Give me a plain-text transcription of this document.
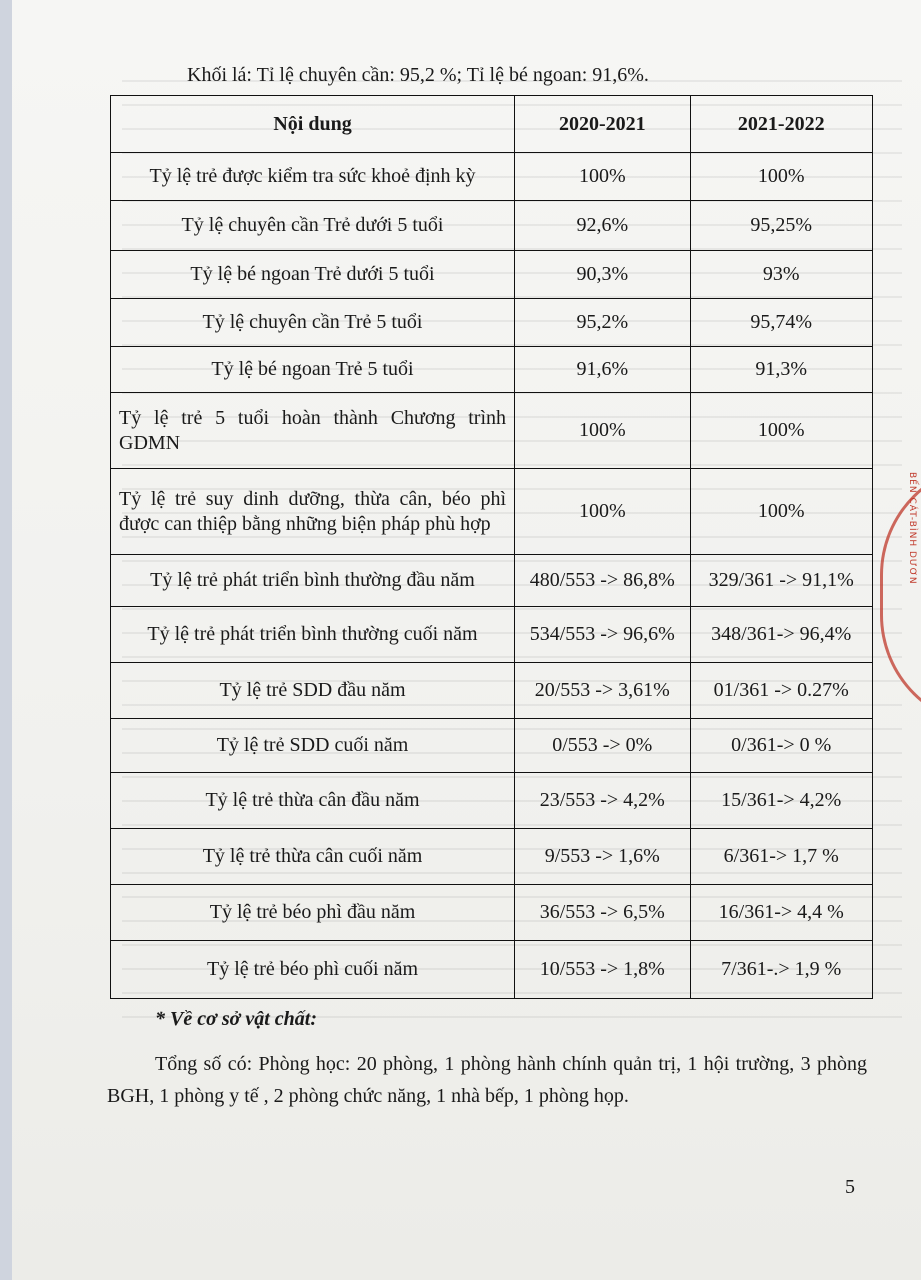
Khối lá: Tỉ lệ chuyên cần: 95,2 %; Tỉ lệ bé ngoan: 91,6%.
Nội dung	2020-2021	2021-2022
Tỷ lệ trẻ được kiểm tra sức khoẻ định kỳ	100%	100%
Tỷ lệ chuyên cần Trẻ dưới 5 tuổi	92,6%	95,25%
Tỷ lệ bé ngoan Trẻ dưới 5 tuổi	90,3%	93%
Tỷ lệ chuyên cần Trẻ 5 tuổi	95,2%	95,74%
Tỷ lệ bé ngoan Trẻ 5 tuổi	91,6%	91,3%
Tỷ lệ trẻ 5 tuổi hoàn thành Chương trình GDMN	100%	100%
Tỷ lệ trẻ suy dinh dưỡng, thừa cân, béo phì được can thiệp bằng những biện pháp phù hợp	100%	100%
Tỷ lệ trẻ phát triển bình thường đầu năm	480/553 -> 86,8%	329/361 -> 91,1%
Tỷ lệ trẻ phát triển bình thường cuối năm	534/553 -> 96,6%	348/361-> 96,4%
Tỷ lệ trẻ SDD đầu năm	20/553 -> 3,61%	01/361 -> 0.27%
Tỷ lệ trẻ SDD cuối năm	0/553 -> 0%	0/361-> 0 %
Tỷ lệ trẻ thừa cân đầu năm	23/553 -> 4,2%	15/361-> 4,2%
Tỷ lệ trẻ thừa cân cuối năm	9/553 -> 1,6%	6/361-> 1,7 %
Tỷ lệ trẻ béo phì đầu năm	36/553 -> 6,5%	16/361-> 4,4 %
Tỷ lệ trẻ béo phì cuối năm	10/553 -> 1,8%	7/361-.> 1,9 %
* Về cơ sở vật chất:
Tổng số có: Phòng học: 20 phòng, 1 phòng hành chính quản trị, 1 hội trường, 3 phòng BGH, 1 phòng y tế , 2 phòng chức năng, 1 nhà bếp, 1 phòng họp.
5
BẾN CÁT-BÌNH DƯƠN
